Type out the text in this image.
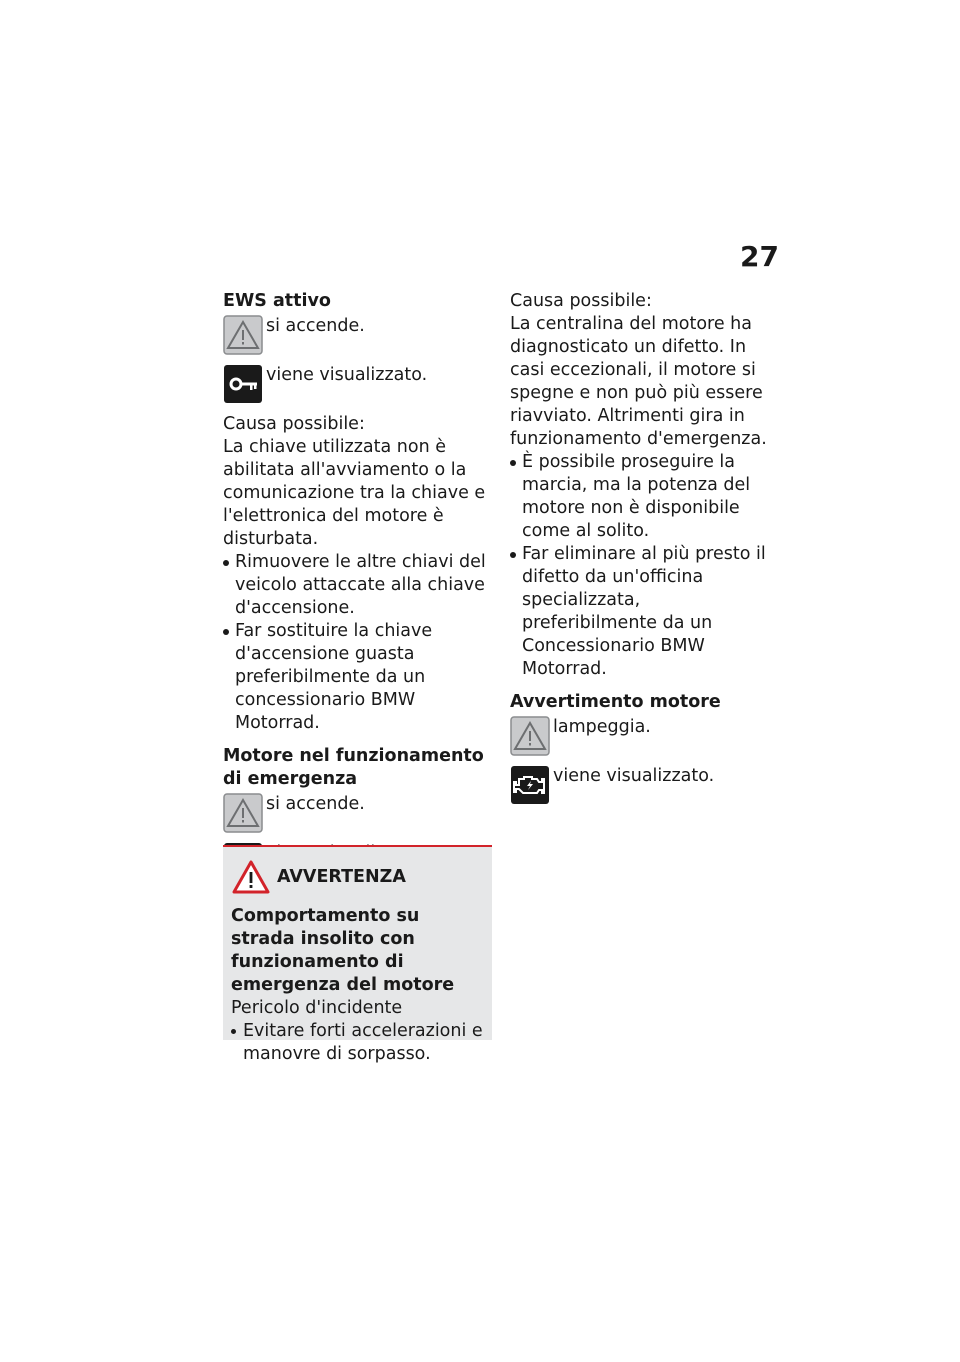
27

EWS attivo

si accende.

viene visualizzato.

Causa possibile:

La chiave utilizzata non è abilitata all'avviamento o la comunicazione tra la chiave e l'elettronica del motore è disturbata.

Rimuovere le altre chiavi del veicolo attaccate alla chiave d'accensione.
Far sostituire la chiave d'accensione guasta preferibilmente da un concessionario BMW Motorrad.

Motore nel funzionamento di emergenza

si accende.

AVVERTENZA

Comportamento su strada insolito con funzionamento di emergenza del motore

Pericolo d'incidente

Evitare forti accelerazioni e manovre di sorpasso.

Causa possibile:

La centralina del motore ha diagnosticato un difetto. In casi eccezionali, il motore si spegne e non può più essere riavviato. Altrimenti gira in funzionamento d'emergenza.

È possibile proseguire la marcia, ma la potenza del motore non è disponibile come al solito.
Far eliminare al più presto il difetto da un'officina specializzata, preferibilmente da un Concessionario BMW Motorrad.

Avvertimento motore

lampeggia.

viene visualizzato.
